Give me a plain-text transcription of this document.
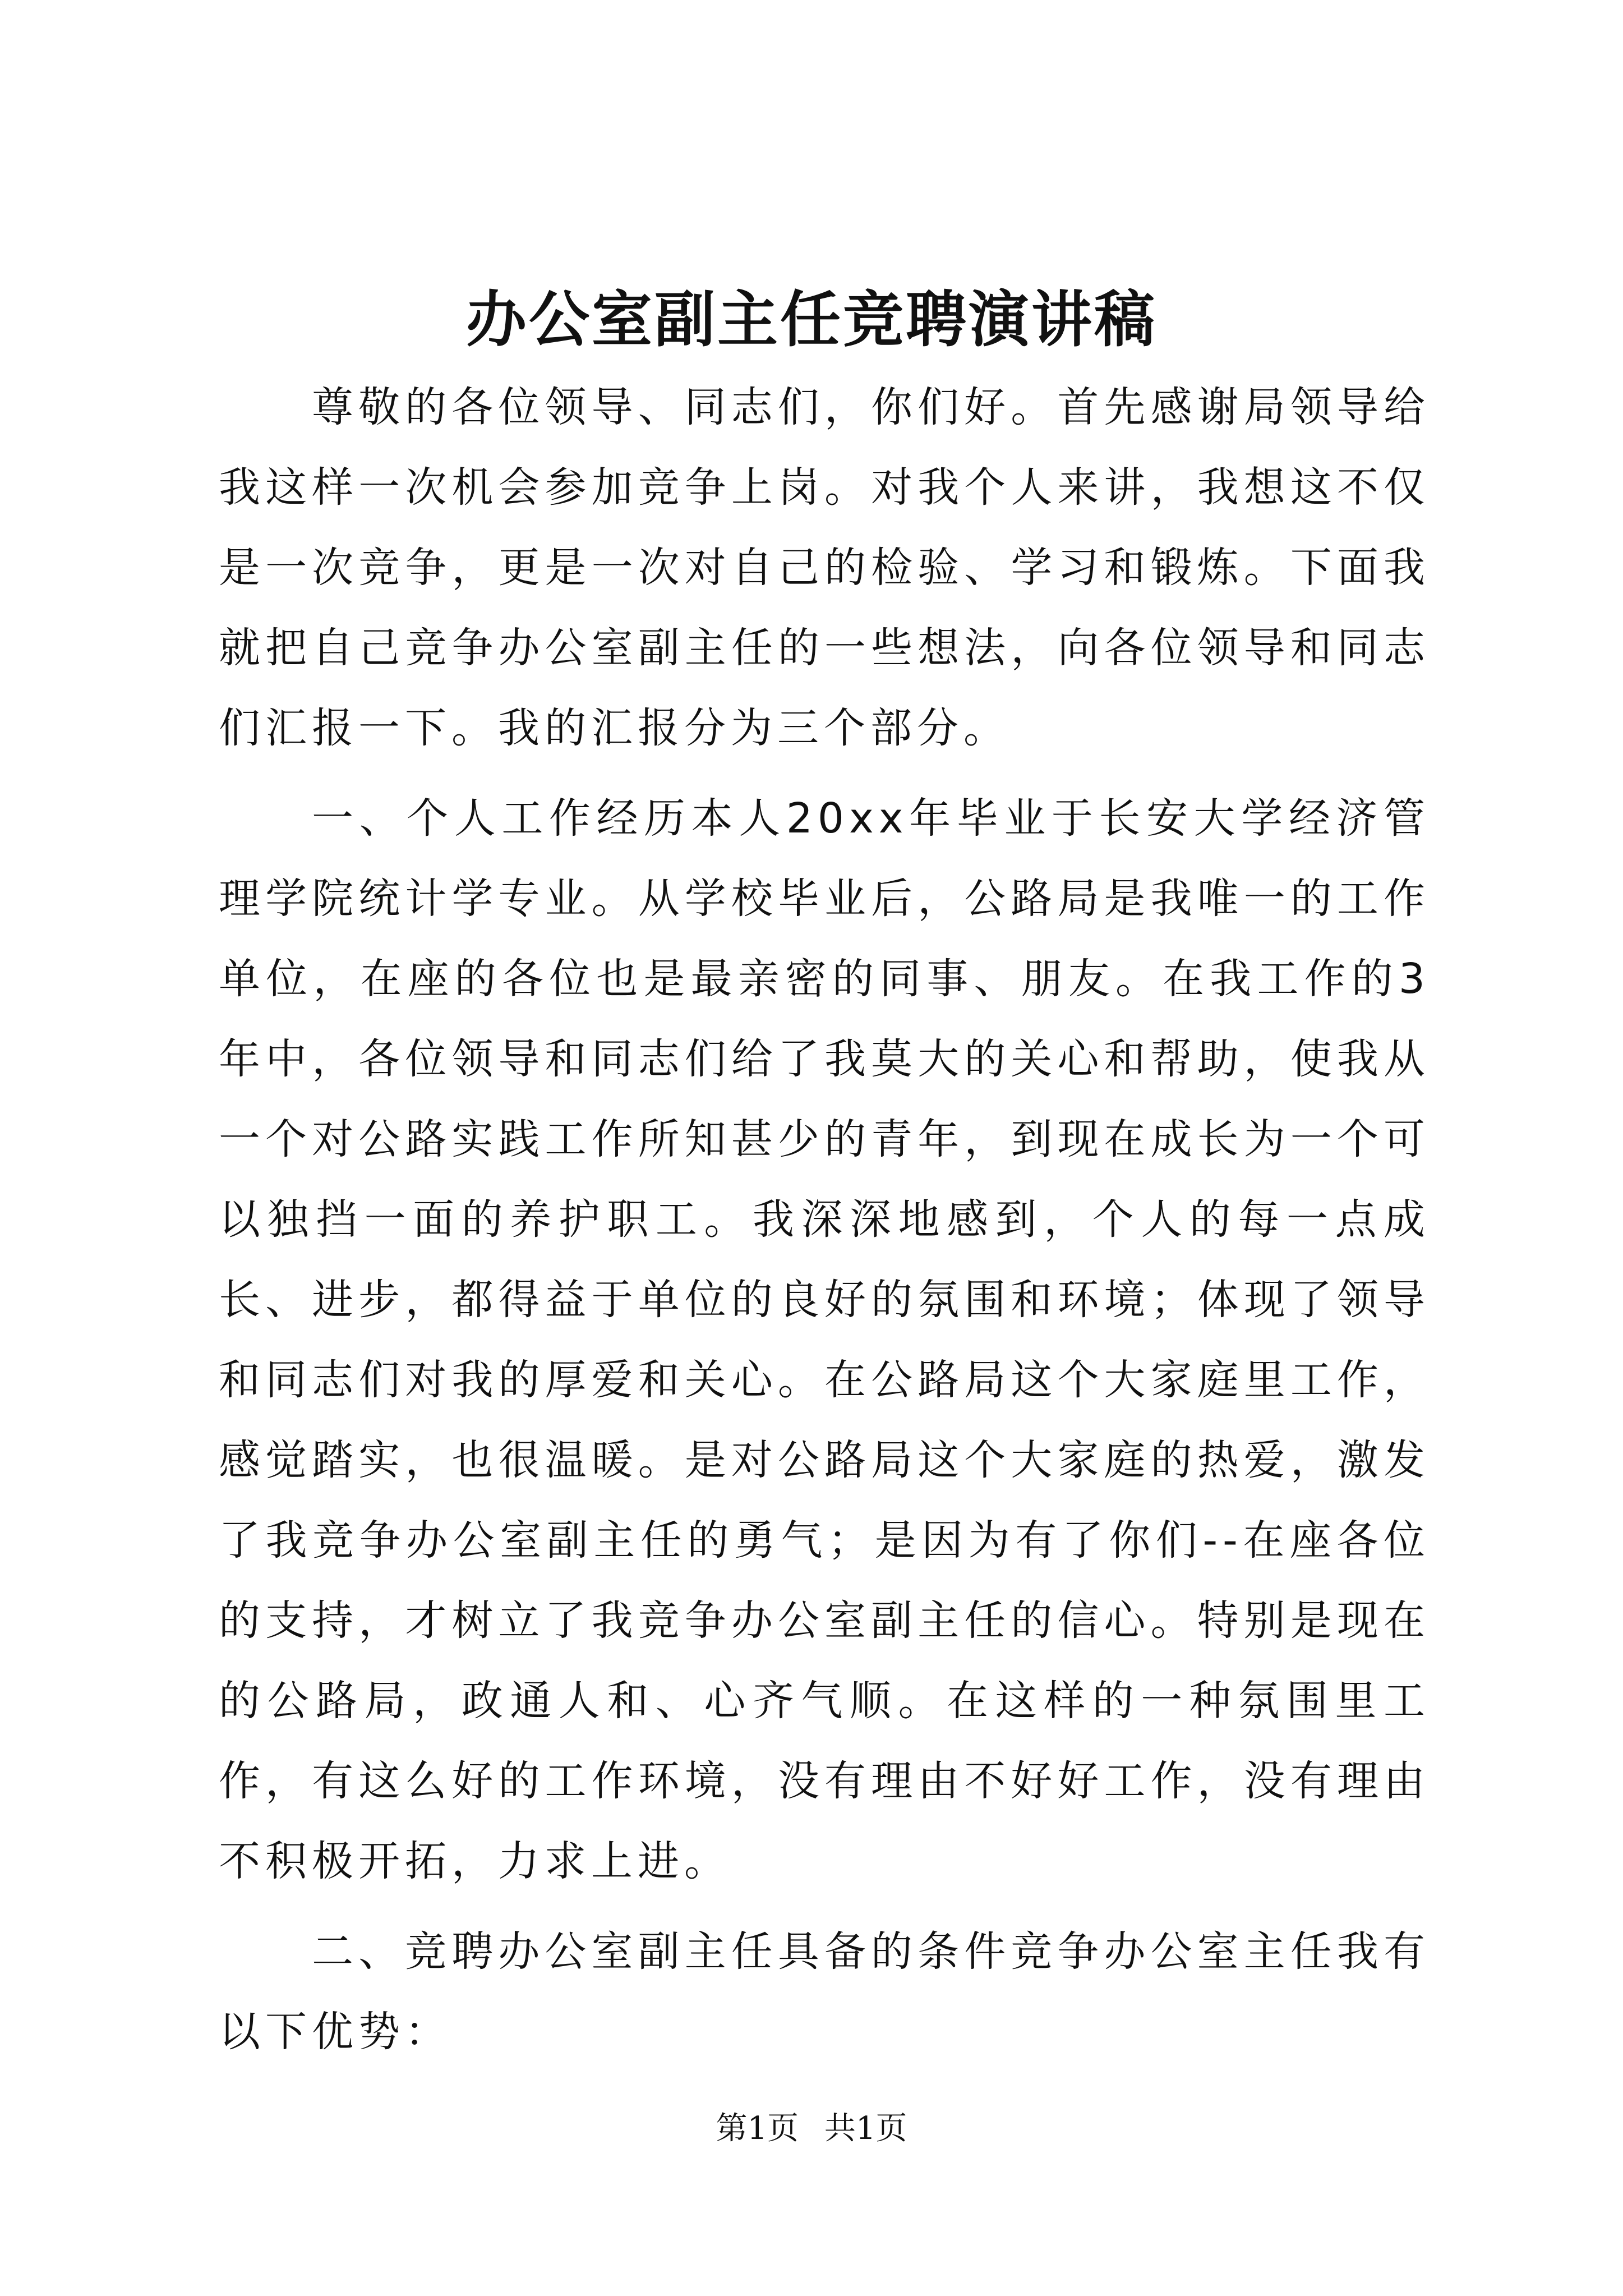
办公室副主任竞聘演讲稿

尊敬的各位领导、同志们，你们好。首先感谢局领导给我这样一次机会参加竞争上岗。对我个人来讲，我想这不仅是一次竞争，更是一次对自己的检验、学习和锻炼。下面我就把自己竞争办公室副主任的一些想法，向各位领导和同志们汇报一下。我的汇报分为三个部分。

一、个人工作经历本人20xx年毕业于长安大学经济管理学院统计学专业。从学校毕业后，公路局是我唯一的工作单位，在座的各位也是最亲密的同事、朋友。在我工作的3年中，各位领导和同志们给了我莫大的关心和帮助，使我从一个对公路实践工作所知甚少的青年，到现在成长为一个可以独挡一面的养护职工。我深深地感到，个人的每一点成长、进步，都得益于单位的良好的氛围和环境；体现了领导和同志们对我的厚爱和关心。在公路局这个大家庭里工作，感觉踏实，也很温暖。是对公路局这个大家庭的热爱，激发了我竞争办公室副主任的勇气；是因为有了你们--在座各位的支持，才树立了我竞争办公室副主任的信心。特别是现在的公路局，政通人和、心齐气顺。在这样的一种氛围里工作，有这么好的工作环境，没有理由不好好工作，没有理由不积极开拓，力求上进。

二、竞聘办公室副主任具备的条件竞争办公室主任我有以下优势：

第1页 共1页
